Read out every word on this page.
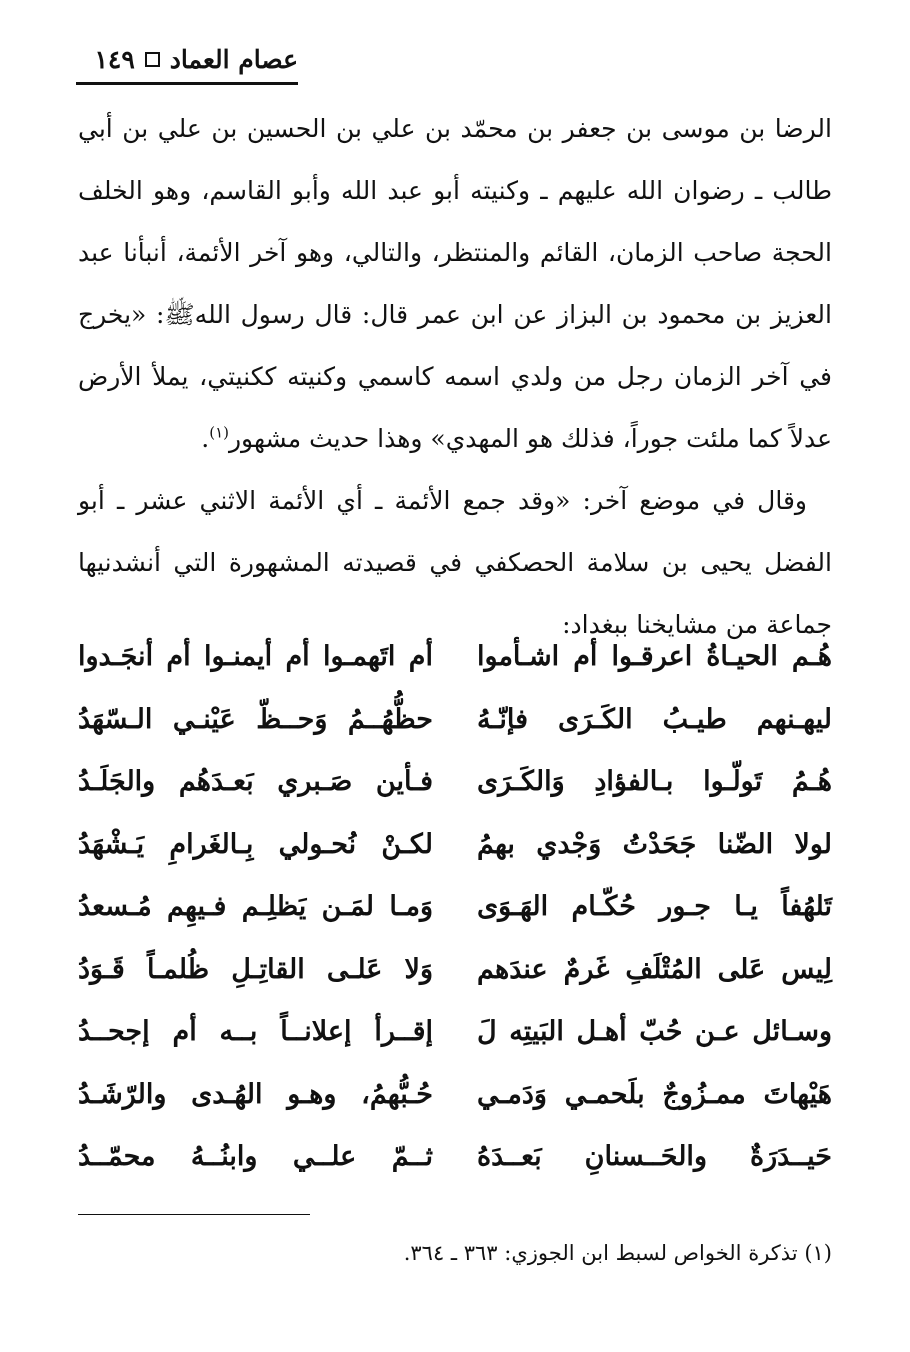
عصام العماد
١٤٩

الرضا بن موسى بن جعفر بن محمّد بن علي بن الحسين بن علي بن أبي طالب ـ رضوان الله عليهم ـ وكنيته أبو عبد الله وأبو القاسم، وهو الخلف الحجة صاحب الزمان، القائم والمنتظر، والتالي، وهو آخر الأئمة، أنبأنا عبد العزيز بن محمود بن البزاز عن ابن عمر قال: قال رسول اللهﷺ: «يخرج في آخر الزمان رجل من ولدي اسمه كاسمي وكنيته ككنيتي، يملأ الأرض عدلاً كما ملئت جوراً، فذلك هو المهدي» وهذا حديث مشهور$^{(١)}$.

 وقال في موضع آخر: «وقد جمع الأئمة ـ أي الأئمة الاثني عشر ـ أبو الفضل يحيى بن سلامة الحصكفي في قصيدته المشهورة التي أنشدنيها جماعة من مشايخنا ببغداد:

هُـم الحيـاةُ اعرقـوا أم اشـأموا
أم اتَهمـوا أم أيمنـوا أم أنجَـدوا
ليهـنهم طيـبُ الكَـرَى فإنّـهُ
حظُّهُــمُ وَحــظّ عَيْنـي الـسّهَدُ
هُـمُ تَولّـوا بـالفؤادِ وَالكَـرَى
فـأين صَـبري بَعـدَهُم والجَلَـدُ
لولا الضّنا جَحَدْتُ وَجْدي بهمُ
لكـنْ نُحـولي بِـالغَرامِ يَـشْهَدُ
تَلهُفاً يـا جـور حُكّـام الهَـوَى
وَمـا لمَـن يَظلِـم فـيهِم مُـسعدُ
لِيس عَلى المُتْلَفِ غَرمٌ عندَهم
وَلا عَلـى القاتِـلِ ظُلمـاً قَـوَدُ
وسـائل عـن حُبّ أهـل البَيتِه لَ
إقــرأ إعلانــاً بــه أم إجحــدُ
هَيْهاتَ ممـزُوجٌ بلَحمـي وَدَمـي
حُـبُّهمُ، وهـو الهُـدى والرّشَـدُ
حَيــدَرَةٌ والحَــسنانِ بَعــدَهُ
ثــمّ علــي وابنُــهُ محمّــدُ

(١) تذكرة الخواص لسبط ابن الجوزي: ٣٦٣ ـ ٣٦٤.
